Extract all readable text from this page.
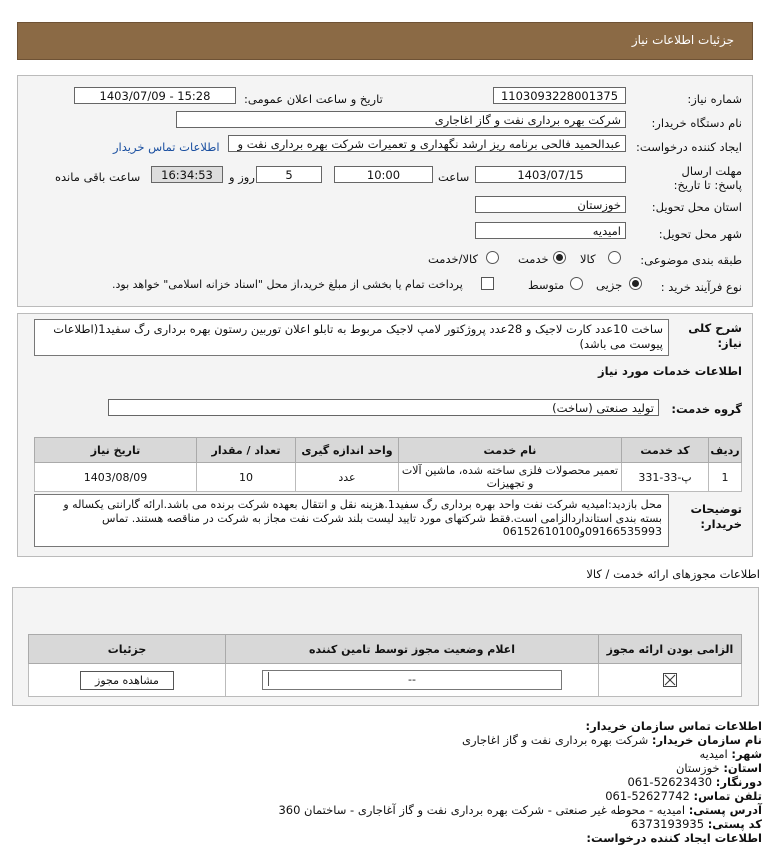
جزئیات اطلاعات نیاز
شماره نیاز:
1103093228001375
تاریخ و ساعت اعلان عمومی:
1403/07/09 - 15:28
نام دستگاه خریدار:
شرکت بهره برداری نفت و گاز اغاجاری
ایجاد کننده درخواست:
عبدالحمید فالحی برنامه ریز ارشد نگهداری و تعمیرات شرکت بهره برداری نفت و
اطلاعات تماس خریدار
مهلت ارسال پاسخ: تا تاریخ:
1403/07/15
ساعت
10:00
5
روز و
16:34:53
ساعت باقی مانده
استان محل تحویل:
خوزستان
شهر محل تحویل:
امیدیه
طبقه بندی موضوعی:
کالا
خدمت
کالا/خدمت
نوع فرآیند خرید :
جزیی
متوسط
پرداخت تمام یا بخشی از مبلغ خرید،از محل "اسناد خزانه اسلامی" خواهد بود.
شرح کلی نیاز:
ساخت 10عدد کارت لاجیک و 28عدد پروژکتور لامپ لاجیک مربوط به تابلو اعلان توربین رستون بهره برداری رگ سفید1(اطلاعات پیوست می باشد)
اطلاعات خدمات مورد نیاز
گروه خدمت:
تولید صنعتی (ساخت)
ردیف	کد خدمت	نام خدمت	واحد اندازه گیری	تعداد / مقدار	تاریخ نیاز
1	پ-33-331	تعمیر محصولات فلزی ساخته شده، ماشین آلات و تجهیزات	عدد	10	1403/08/09
توضیحات خریدار:
محل بازدید:امیدیه شرکت نفت واحد بهره برداری رگ سفید1.هزینه نقل و انتقال بعهده شرکت برنده می باشد.ارائه گارانتی یکساله و بسته بندی استانداردالزامی است.فقط شرکتهای مورد تایید لیست بلند شرکت نفت مجاز به شرکت در مناقصه هستند. تماس 09166535993و06152610100
اطلاعات مجوزهای ارائه خدمت / کالا
الزامی بودن ارائه مجوز	اعلام وضعیت مجوز توسط تامین کننده	جزئیات

	--	مشاهده مجوز
اطلاعات تماس سازمان خریدار:
نام سازمان خریدار: شرکت بهره برداری نفت و گاز اغاجاری
شهر: امیدیه
استان: خوزستان
دورنگار: 52623430-061
تلفن تماس: 52627742-061
آدرس پستی: امیدیه - محوطه غیر صنعتی - شرکت بهره برداری نفت و گاز آغاجاری - ساختمان 360
کد پستی: 6373193935
اطلاعات ایجاد کننده درخواست:
